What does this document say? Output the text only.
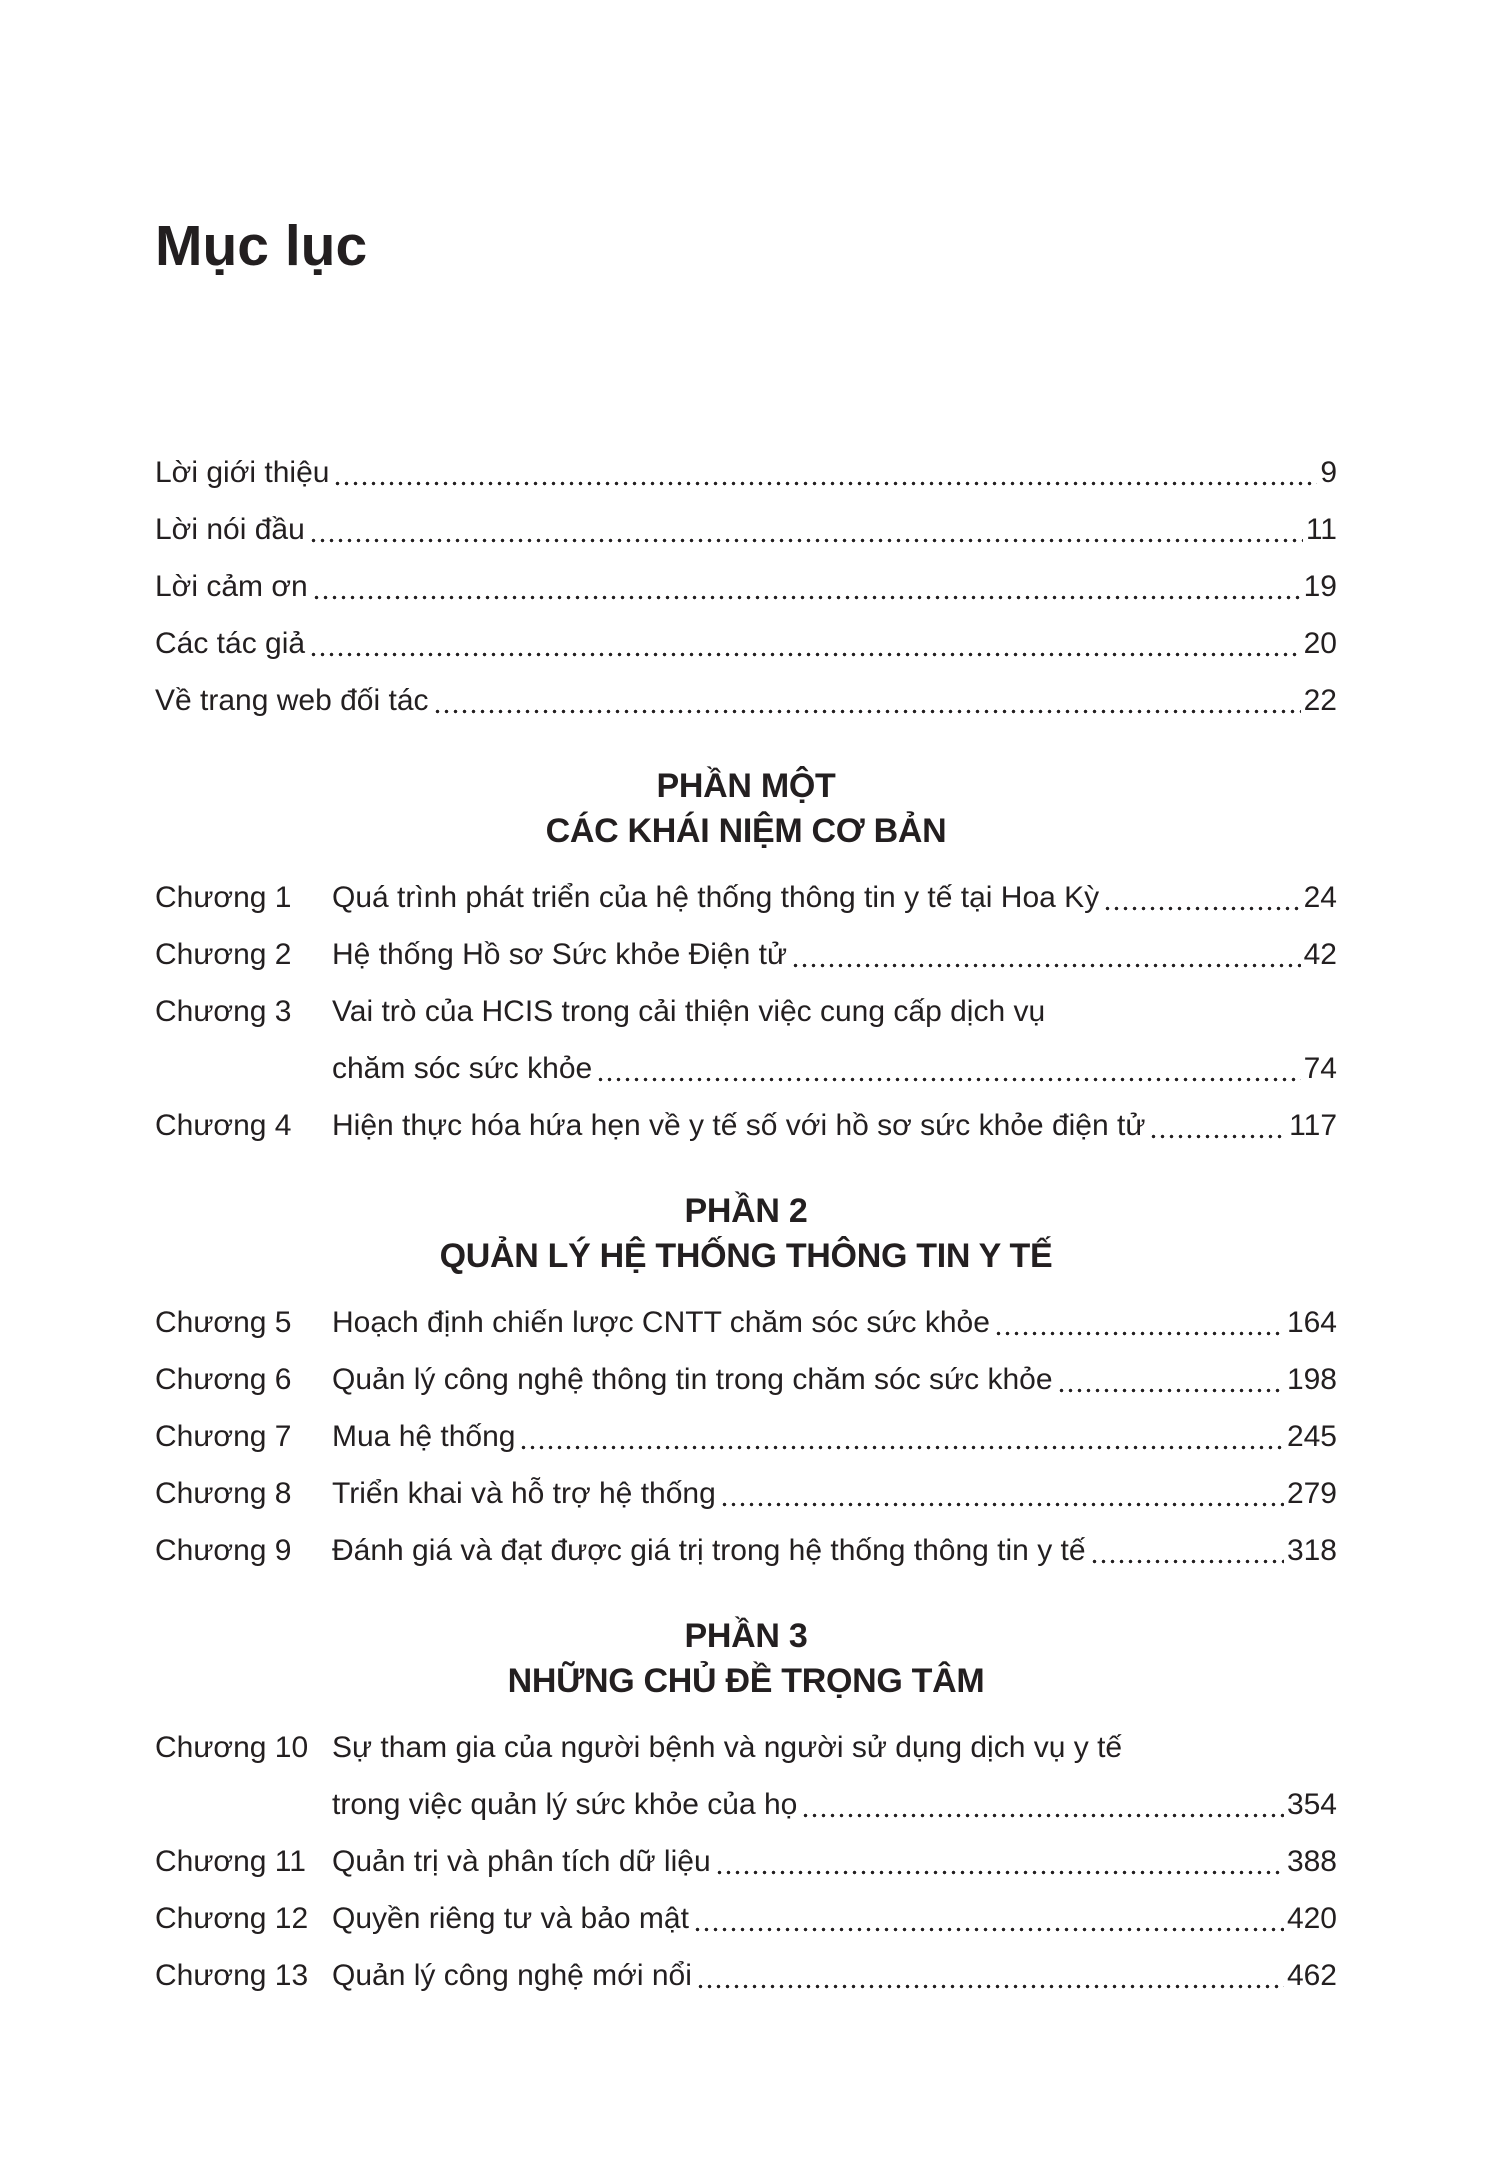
Mục lục
Lời giới thiệu	9
Lời nói đầu	11
Lời cảm ơn	19
Các tác giả	20
Về trang web đối tác	22
PHẦN MỘT
CÁC KHÁI NIỆM CƠ BẢN
Chương 1	Quá trình phát triển của hệ thống thông tin y tế tại Hoa Kỳ	24
Chương 2	Hệ thống Hồ sơ Sức khỏe Điện tử	42
Chương 3	Vai trò của HCIS trong cải thiện việc cung cấp dịch vụ
chăm sóc sức khỏe	74
Chương 4	Hiện thực hóa hứa hẹn về y tế số với hồ sơ sức khỏe điện tử	117
PHẦN 2
QUẢN LÝ HỆ THỐNG THÔNG TIN Y TẾ
Chương 5	Hoạch định chiến lược CNTT chăm sóc sức khỏe	164
Chương 6	Quản lý công nghệ thông tin trong chăm sóc sức khỏe	198
Chương 7	Mua hệ thống	245
Chương 8	Triển khai và hỗ trợ hệ thống	279
Chương 9	Đánh giá và đạt được giá trị trong hệ thống thông tin y tế	318
PHẦN 3
NHỮNG CHỦ ĐỀ TRỌNG TÂM
Chương 10 Sự tham gia của người bệnh và người sử dụng dịch vụ y tế
trong việc quản lý sức khỏe của họ	354
Chương 11 Quản trị và phân tích dữ liệu	388
Chương 12 Quyền riêng tư và bảo mật	420
Chương 13 Quản lý công nghệ mới nổi	462
